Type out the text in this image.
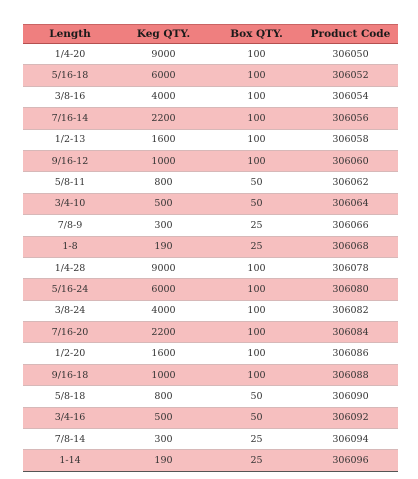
Length	Keg QTY.	Box QTY.	Product Code
1/4-20	9000	100	306050
5/16-18	6000	100	306052
3/8-16	4000	100	306054
7/16-14	2200	100	306056
1/2-13	1600	100	306058
9/16-12	1000	100	306060
5/8-11	800	50	306062
3/4-10	500	50	306064
7/8-9	300	25	306066
1-8	190	25	306068
1/4-28	9000	100	306078
5/16-24	6000	100	306080
3/8-24	4000	100	306082
7/16-20	2200	100	306084
1/2-20	1600	100	306086
9/16-18	1000	100	306088
5/8-18	800	50	306090
3/4-16	500	50	306092
7/8-14	300	25	306094
1-14	190	25	306096
